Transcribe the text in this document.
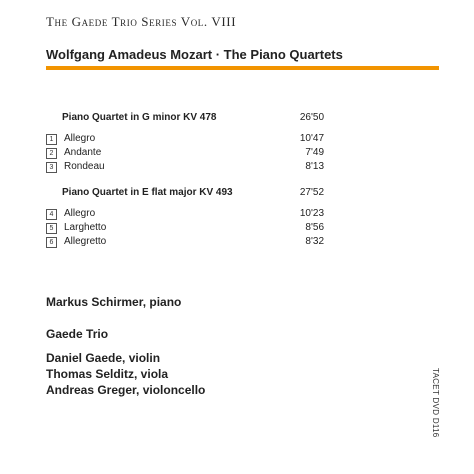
The Gaede Trio Series Vol. VIII
Wolfgang Amadeus Mozart · The Piano Quartets
Piano Quartet in G minor KV 478	26'50
1	Allegro	10'47
2	Andante	7'49
3	Rondeau	8'13
Piano Quartet in E flat major KV 493	27'52
4	Allegro	10'23
5	Larghetto	8'56
6	Allegretto	8'32
Markus Schirmer, piano
Gaede Trio
Daniel Gaede, violin
Thomas Selditz, viola
Andreas Greger, violoncello	TACET DVD D116
